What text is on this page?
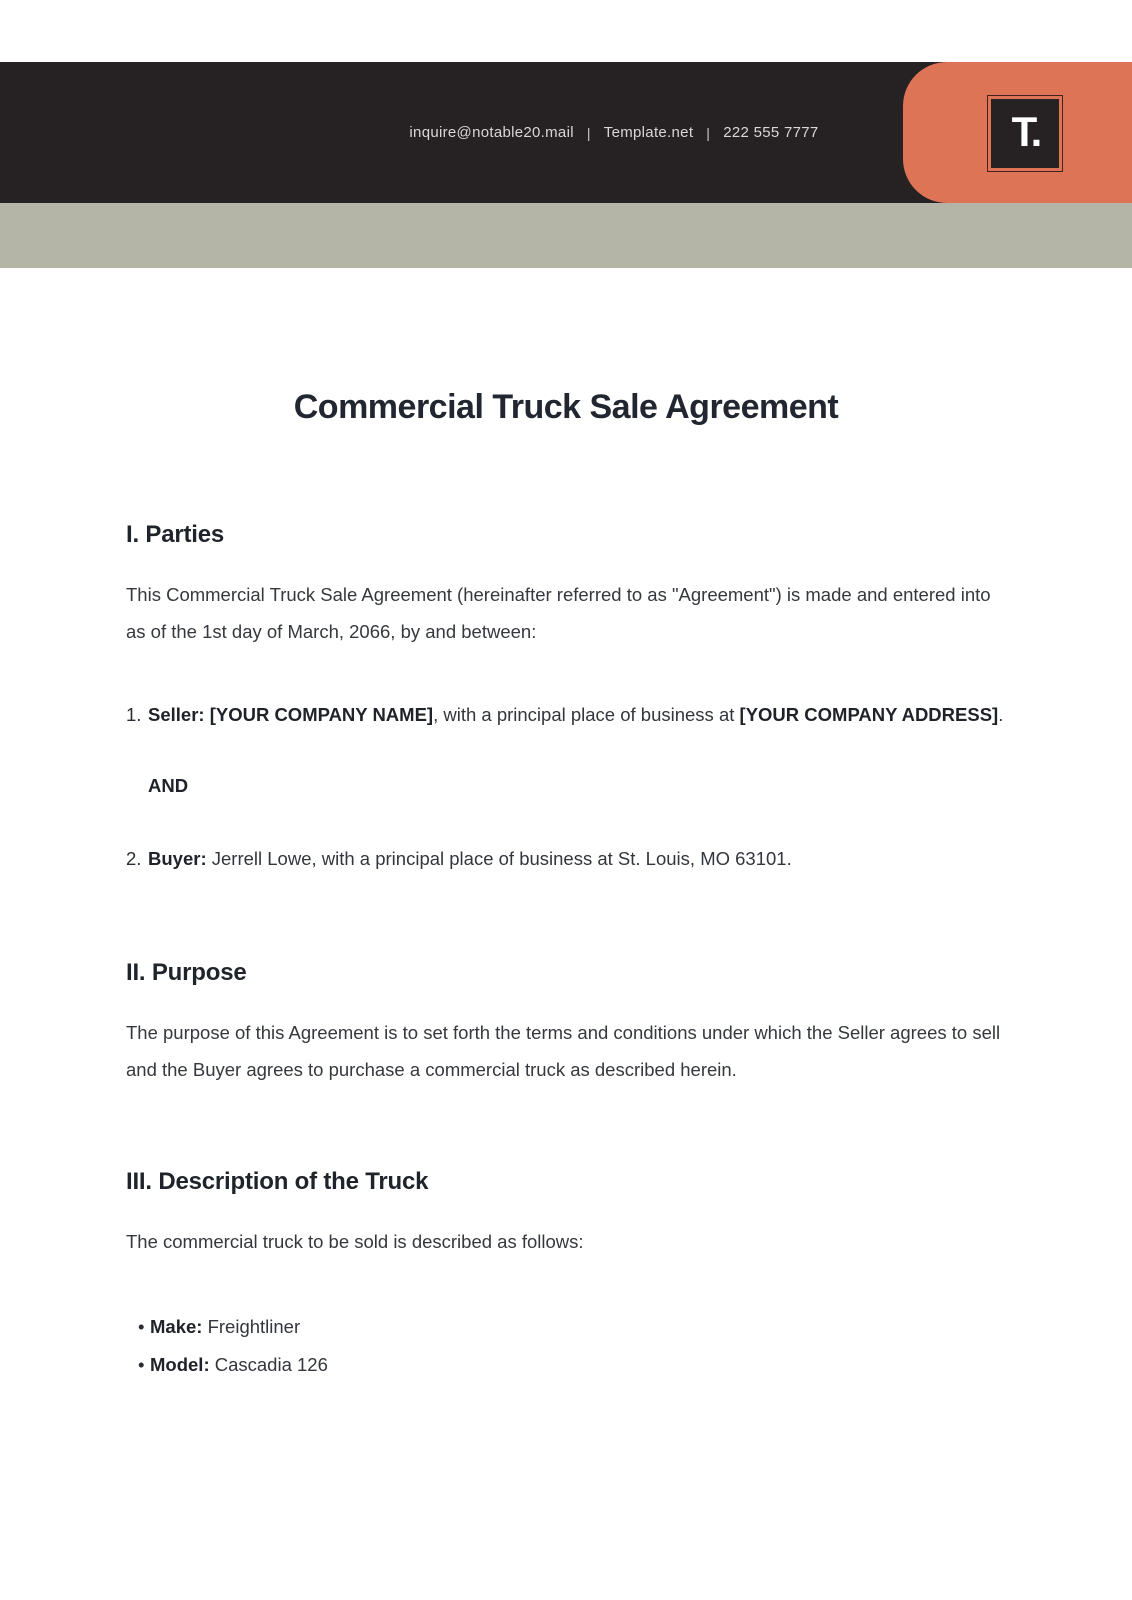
inquire@notable20.mail | Template.net | 222 555 7777	T.
Commercial Truck Sale Agreement
I. Parties

This Commercial Truck Sale Agreement (hereinafter referred to as "Agreement") is made and entered into as of the 1st day of March, 2066, by and between:

1. Seller: [YOUR COMPANY NAME], with a principal place of business at [YOUR COMPANY ADDRESS].
AND
2. Buyer: Jerrell Lowe, with a principal place of business at St. Louis, MO 63101.
II. Purpose

The purpose of this Agreement is to set forth the terms and conditions under which the Seller agrees to sell and the Buyer agrees to purchase a commercial truck as described herein.

III. Description of the Truck

The commercial truck to be sold is described as follows:

• Make: Freightliner
• Model: Cascadia 126
